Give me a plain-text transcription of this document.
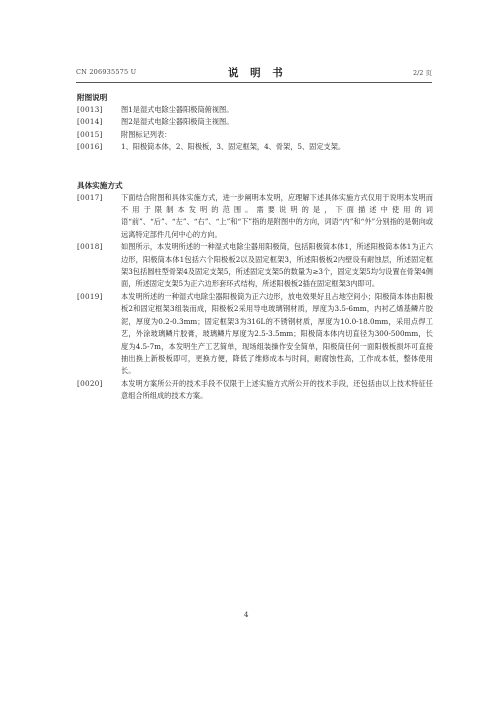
CN 206935575 U	说 明 书	2/2 页
附图说明
[0013]	图1是湿式电除尘器阳极筒俯视图。
[0014]	图2是湿式电除尘器阳极筒主视图。
[0015]	附图标记列表：
[0016]	1、阳极筒本体，2、阳极板，3、固定框架，4、骨架，5、固定支架。
具体实施方式
[0017]	下面结合附图和具体实施方式，进一步阐明本发明，应理解下述具体实施方式仅用于说明本发明而不用于限制本发明的范围。需要说明的是，下面描述中使用的词语“前”、“后”、“左”、“右”、“上”和“下”指的是附图中的方向，词语“内”和“外”分别指的是朝向或远离特定部件几何中心的方向。
[0018]	如图所示，本发明所述的一种湿式电除尘器用阳极筒，包括阳极筒本体1，所述阳极筒本体1为正六边形，阳极筒本体1包括六个阳极板2以及固定框架3，所述阳极板2内壁设有耐蚀层，所述固定框架3包括圆柱型骨架4及固定支架5，所述固定支架5的数量为≥3个，固定支架5均匀设置在骨架4侧面，所述固定支架5为正六边形套环式结构，所述阳极板2插在固定框架3内即可。
[0019]	本发明所述的一种湿式电除尘器阳极筒为正六边形，放电效果好且占地空间小；阳极筒本体由阳极板2和固定框架3组装而成，阳极板2采用导电玻璃钢材质，厚度为3.5-6mm，内衬乙烯基鳞片胶泥，厚度为0.2-0.3mm；固定框架3为316L的不锈钢材质，厚度为10.0-18.0mm，采用点焊工艺，外涂玻璃鳞片胶膏，玻璃鳞片厚度为2.5-3.5mm；阳极筒本体内切直径为300-500mm，长度为4.5-7m，本发明生产工艺简单，现场组装操作安全简单，阳极筒任何一面阳极板损坏可直接抽出换上新极板即可，更换方便，降低了维修成本与时间，耐腐蚀性高，工作成本低，整体使用长。
[0020]	本发明方案所公开的技术手段不仅限于上述实施方式所公开的技术手段，还包括由以上技术特征任意组合所组成的技术方案。
4
